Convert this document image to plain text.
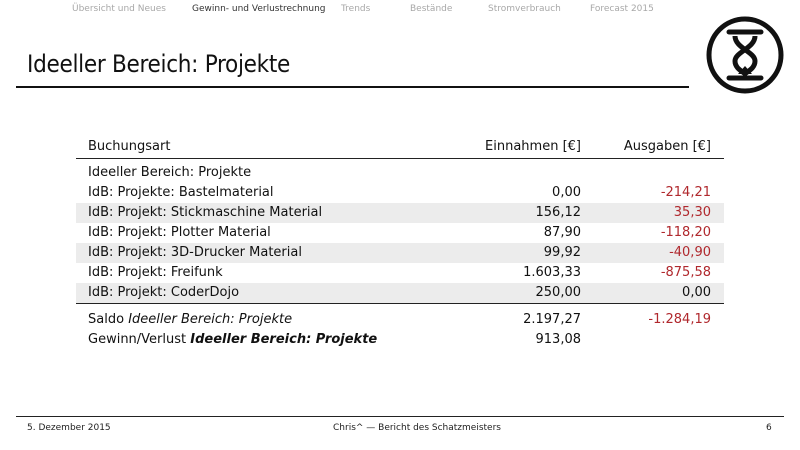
Übersicht und Neues	Gewinn- und Verlustrechnung Trends	Bestände	Stromverbrauch	Forecast 2015
Ideeller Bereich: Projekte
Buchungsart	Einnahmen [€]	Ausgaben [€]
Ideeller Bereich: Projekte
IdB: Projekte: Bastelmaterial	0,00	-214,21
IdB: Projekt: Stickmaschine Material	156,12	35,30
IdB: Projekt: Plotter Material	87,90	-118,20
IdB: Projekt: 3D-Drucker Material	99,92	-40,90
IdB: Projekt: Freifunk	1.603,33	-875,58
IdB: Projekt: CoderDojo	250,00	0,00
Saldo Ideeller Bereich: Projekte	2.197,27	-1.284,19
Gewinn/Verlust Ideeller Bereich: Projekte	913,08
5. Dezember 2015	Chris^ — Bericht des Schatzmeisters	6
